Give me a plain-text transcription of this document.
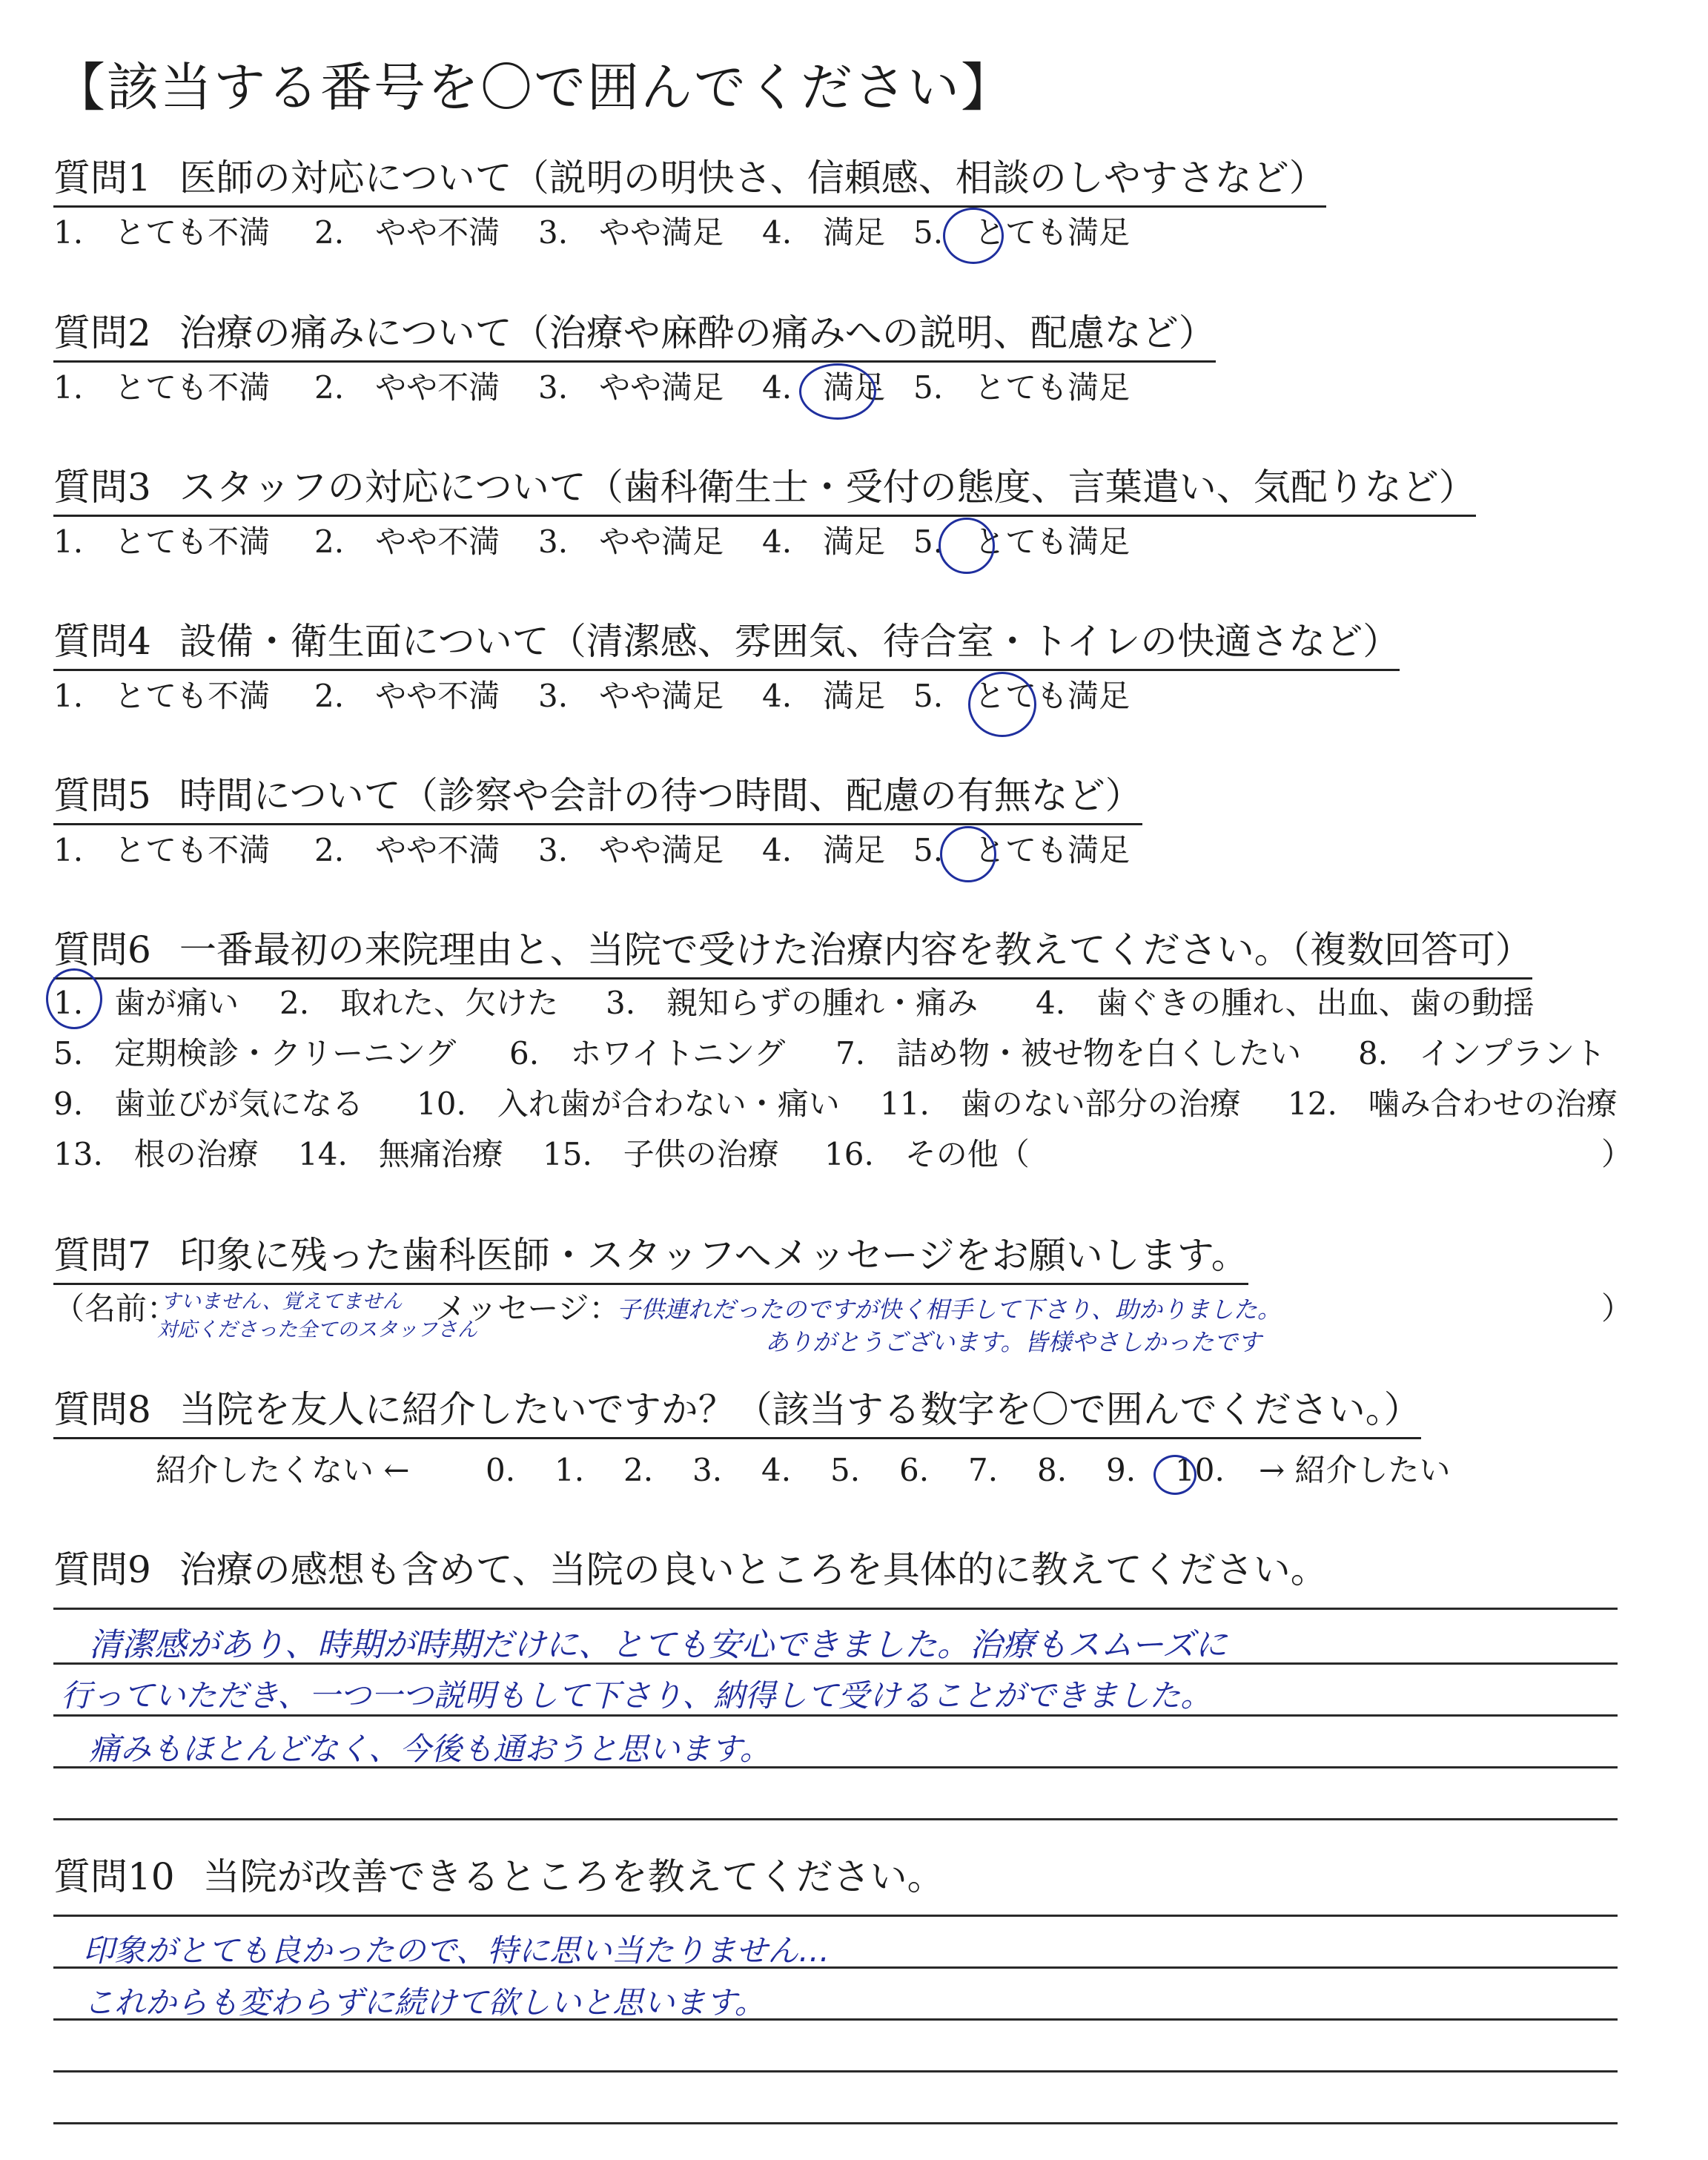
【該当する番号を〇で囲んでください】
質問1 医師の対応について（説明の明快さ、信頼感、相談のしやすさなど）
1.　とても不満 2.　やや不満 3.　やや満足 4.　満足 5.　とても満足
質問2 治療の痛みについて（治療や麻酔の痛みへの説明、配慮など）
1.　とても不満 2.　やや不満 3.　やや満足 4.　満足 5.　とても満足
質問3 スタッフの対応について（歯科衛生士・受付の態度、言葉遣い、気配りなど）
1.　とても不満 2.　やや不満 3.　やや満足 4.　満足 5.　とても満足
質問4 設備・衛生面について（清潔感、雰囲気、待合室・トイレの快適さなど）
1.　とても不満 2.　やや不満 3.　やや満足 4.　満足 5.　とても満足
質問5 時間について（診察や会計の待つ時間、配慮の有無など）
1.　とても不満 2.　やや不満 3.　やや満足 4.　満足 5.　とても満足
質問6 一番最初の来院理由と、当院で受けた治療内容を教えてください。（複数回答可）
1.　歯が痛い 2.　取れた、欠けた 3.　親知らずの腫れ・痛み 4.　歯ぐきの腫れ、出血、歯の動揺
5.　定期検診・クリーニング 6.　ホワイトニング 7.　詰め物・被せ物を白くしたい 8.　インプラント
9.　歯並びが気になる 10.　入れ歯が合わない・痛い 11.　歯のない部分の治療 12.　噛み合わせの治療
13.　根の治療 14.　無痛治療 15.　子供の治療 16.　その他（	）
質問7 印象に残った歯科医師・スタッフへメッセージをお願いします。
（名前：
すいません、覚えてません
対応くださった全てのスタッフさん
メッセージ：
子供連れだったのですが快く相手して下さり、助かりました。
ありがとうございます。皆様やさしかったです
）
質問8 当院を友人に紹介したいですか？（該当する数字を〇で囲んでください。）
紹介したくない ← 0. 1. 2. 3. 4. 5. 6. 7. 8. 9. 10. → 紹介したい
質問9 治療の感想も含めて、当院の良いところを具体的に教えてください。
清潔感があり、時期が時期だけに、とても安心できました。治療もスムーズに
行っていただき、一つ一つ説明もして下さり、納得して受けることができました。
痛みもほとんどなく、今後も通おうと思います。
質問10 当院が改善できるところを教えてください。
印象がとても良かったので、特に思い当たりません…
これからも変わらずに続けて欲しいと思います。
